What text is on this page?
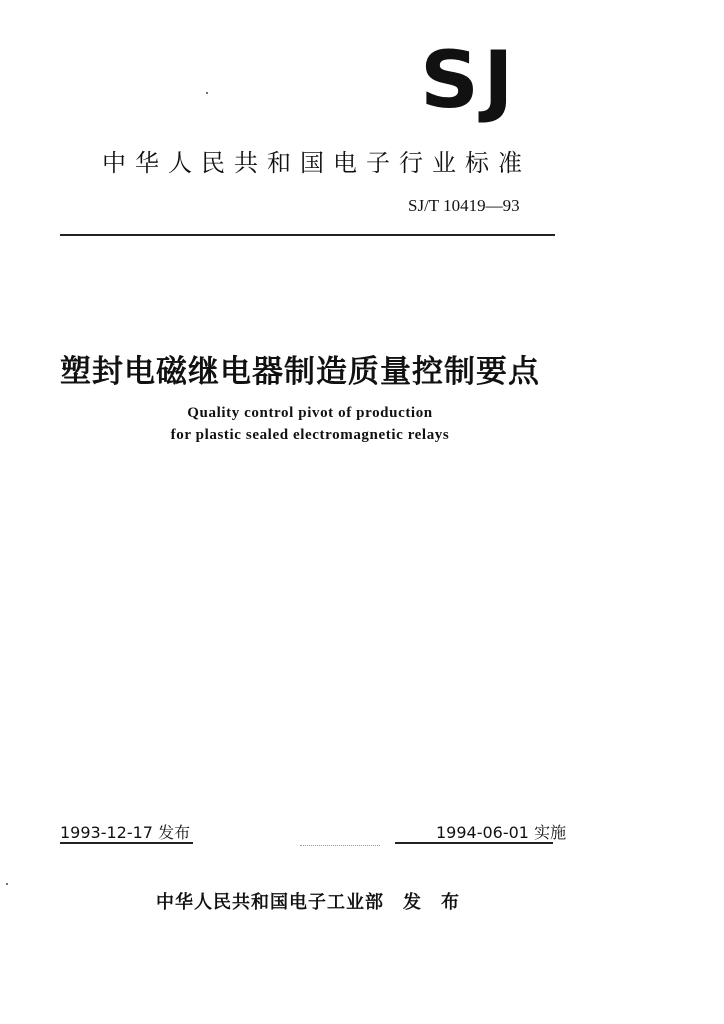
SJ
中华人民共和国电子行业标准
SJ/T 10419—93
塑封电磁继电器制造质量控制要点
Quality control pivot of production
for plastic sealed electromagnetic relays
1993-12-17 发布	1994-06-01 实施
中华人民共和国电子工业部　发　布
